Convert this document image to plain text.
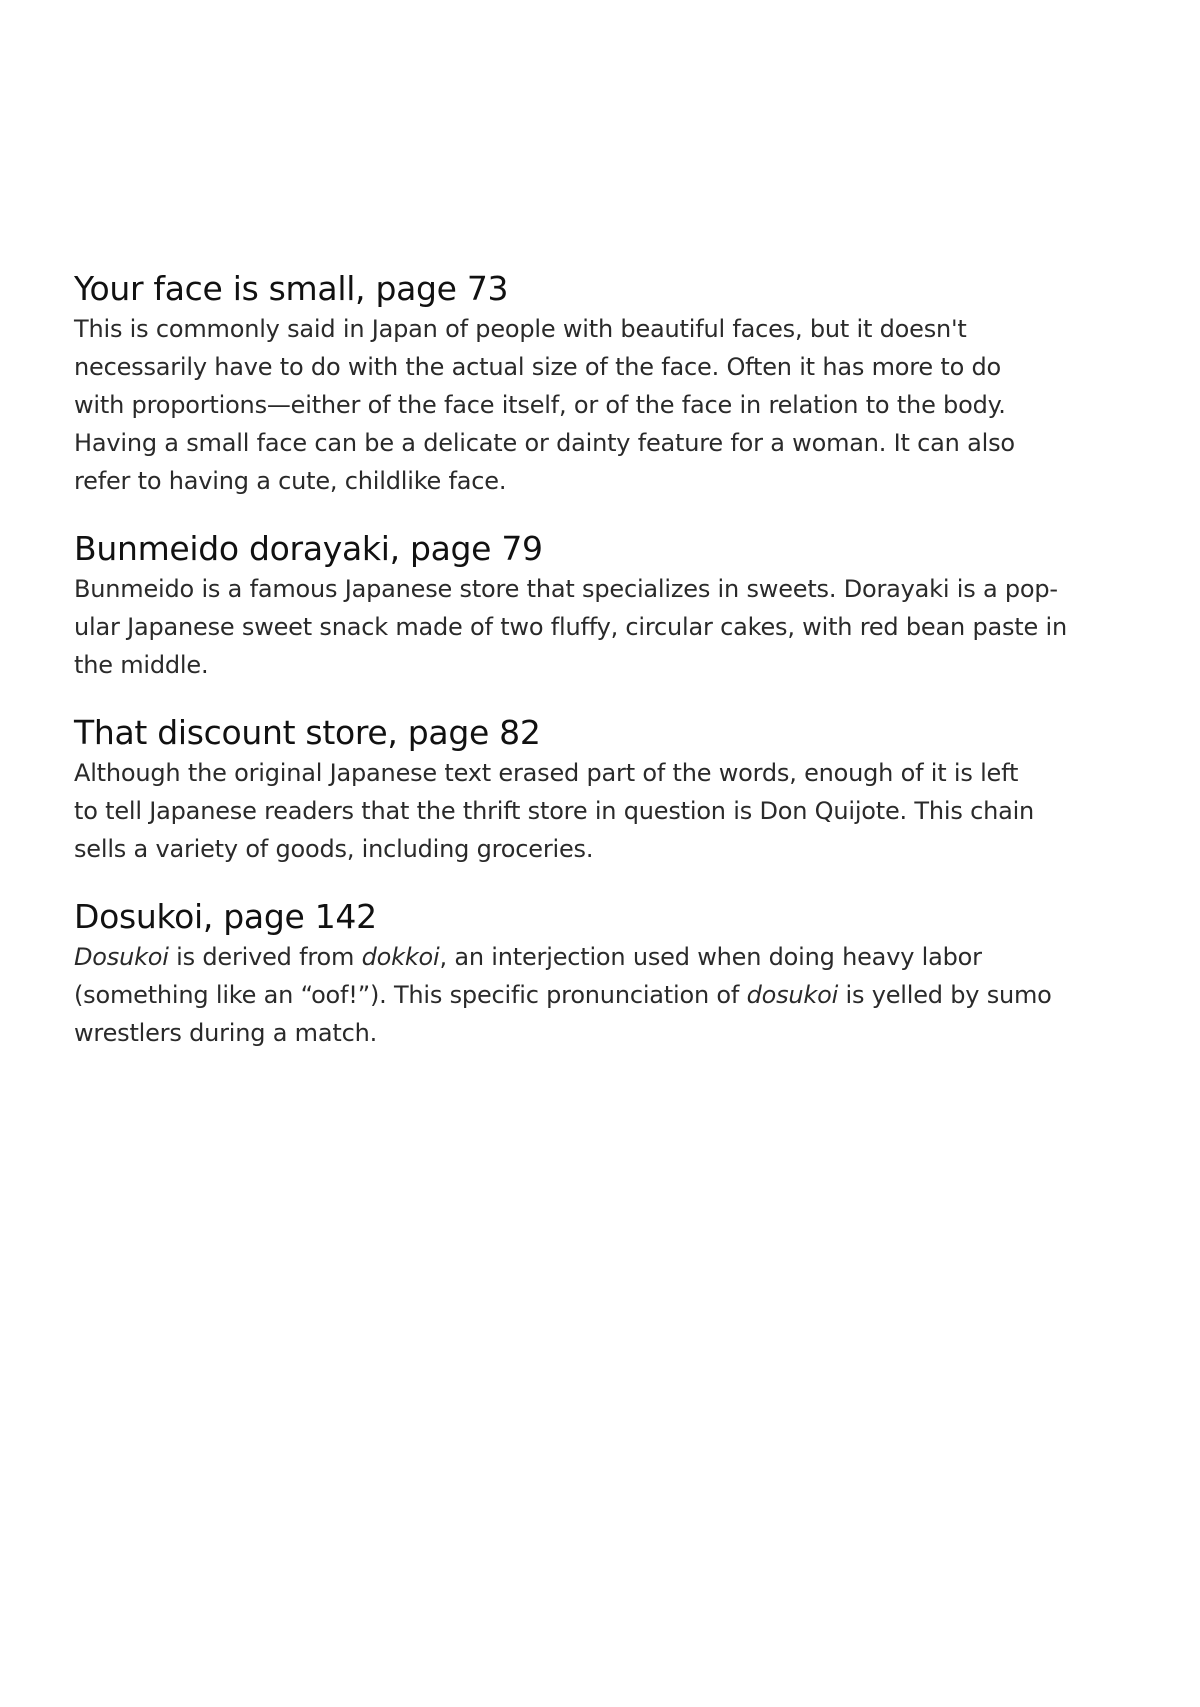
Your face is small, page 73

This is commonly said in Japan of people with beautiful faces, but it doesn't
necessarily have to do with the actual size of the face. Often it has more to do
with proportions—either of the face itself, or of the face in relation to the body.
Having a small face can be a delicate or dainty feature for a woman. It can also
refer to having a cute, childlike face.

Bunmeido dorayaki, page 79

Bunmeido is a famous Japanese store that specializes in sweets. Dorayaki is a pop-
ular Japanese sweet snack made of two fluffy, circular cakes, with red bean paste in
the middle.

That discount store, page 82

Although the original Japanese text erased part of the words, enough of it is left
to tell Japanese readers that the thrift store in question is Don Quijote. This chain
sells a variety of goods, including groceries.

Dosukoi, page 142

Dosukoi is derived from dokkoi, an interjection used when doing heavy labor
(something like an “oof!”). This specific pronunciation of dosukoi is yelled by sumo
wrestlers during a match.
